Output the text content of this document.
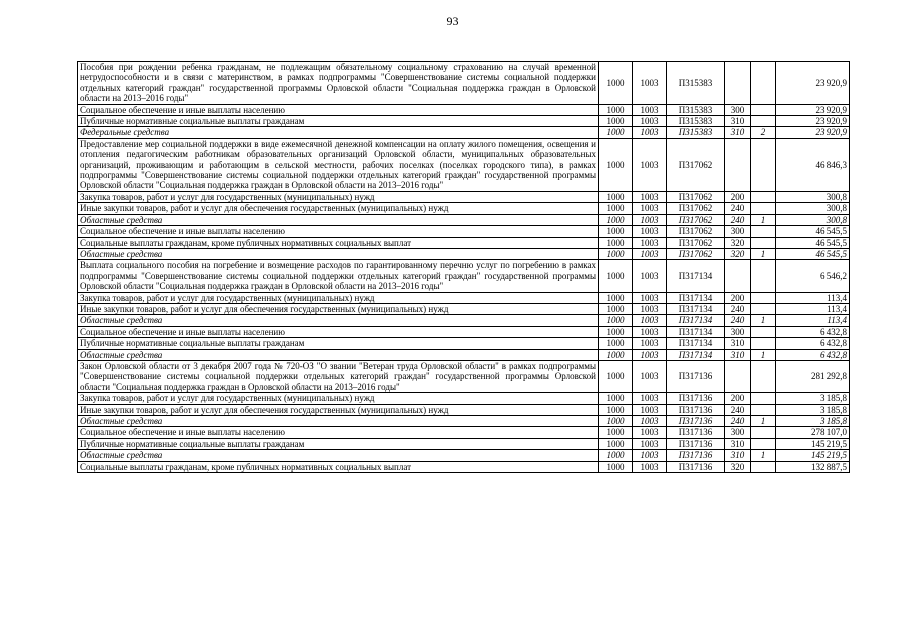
93
Пособия при рождении ребенка гражданам, не подлежащим обязательному социальному страхованию на случай временной нетрудоспособности и в связи с материнством, в рамках подпрограммы "Совершенствование системы социальной поддержки отдельных категорий граждан" государственной программы Орловской области "Социальная поддержка граждан в Орловской области на 2013–2016 годы"	1000	1003	П315383			23 920,9
Социальное обеспечение и иные выплаты населению	1000	1003	П315383	300		23 920,9
Публичные нормативные социальные выплаты гражданам	1000	1003	П315383	310		23 920,9
Федеральные средства	1000	1003	П315383	310	2	23 920,9
Предоставление мер социальной поддержки в виде ежемесячной денежной компенсации на оплату жилого помещения, освещения и отопления педагогическим работникам образовательных организаций Орловской области, муниципальных образовательных организаций, проживающим и работающим в сельской местности, рабочих поселках (поселках городского типа), в рамках подпрограммы "Совершенствование системы социальной поддержки отдельных категорий граждан" государственной программы Орловской области "Социальная поддержка граждан в Орловской области на 2013–2016 годы"	1000	1003	П317062			46 846,3
Закупка товаров, работ и услуг для государственных (муниципальных) нужд	1000	1003	П317062	200		300,8
Иные закупки товаров, работ и услуг для обеспечения государственных (муниципальных) нужд	1000	1003	П317062	240		300,8
Областные средства	1000	1003	П317062	240	1	300,8
Социальное обеспечение и иные выплаты населению	1000	1003	П317062	300		46 545,5
Социальные выплаты гражданам, кроме публичных нормативных социальных выплат	1000	1003	П317062	320		46 545,5
Областные средства	1000	1003	П317062	320	1	46 545,5
Выплата социального пособия на погребение и возмещение расходов по гарантированному перечню услуг по погребению в рамках подпрограммы "Совершенствование системы социальной поддержки отдельных категорий граждан" государственной программы Орловской области "Социальная поддержка граждан в Орловской области на 2013–2016 годы"	1000	1003	П317134			6 546,2
Закупка товаров, работ и услуг для государственных (муниципальных) нужд	1000	1003	П317134	200		113,4
Иные закупки товаров, работ и услуг для обеспечения государственных (муниципальных) нужд	1000	1003	П317134	240		113,4
Областные средства	1000	1003	П317134	240	1	113,4
Социальное обеспечение и иные выплаты населению	1000	1003	П317134	300		6 432,8
Публичные нормативные социальные выплаты гражданам	1000	1003	П317134	310		6 432,8
Областные средства	1000	1003	П317134	310	1	6 432,8
Закон Орловской области от 3 декабря 2007 года № 720-ОЗ "О звании "Ветеран труда Орловской области" в рамках подпрограммы "Совершенствование системы социальной поддержки отдельных категорий граждан" государственной программы Орловской области "Социальная поддержка граждан в Орловской области на 2013–2016 годы"	1000	1003	П317136			281 292,8
Закупка товаров, работ и услуг для государственных (муниципальных) нужд	1000	1003	П317136	200		3 185,8
Иные закупки товаров, работ и услуг для обеспечения государственных (муниципальных) нужд	1000	1003	П317136	240		3 185,8
Областные средства	1000	1003	П317136	240	1	3 185,8
Социальное обеспечение и иные выплаты населению	1000	1003	П317136	300		278 107,0
Публичные нормативные социальные выплаты гражданам	1000	1003	П317136	310		145 219,5
Областные средства	1000	1003	П317136	310	1	145 219,5
Социальные выплаты гражданам, кроме публичных нормативных социальных выплат	1000	1003	П317136	320		132 887,5
